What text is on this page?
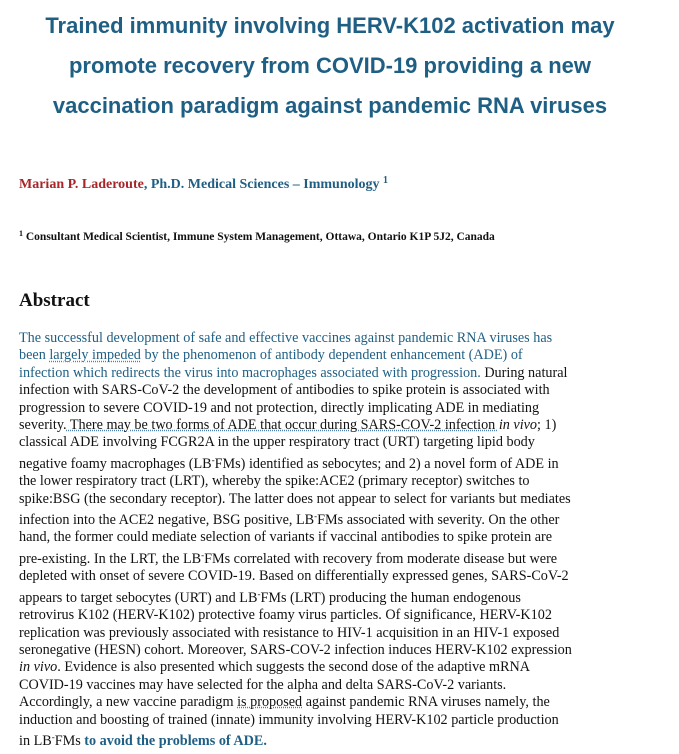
Trained immunity involving HERV-K102 activation may
promote recovery from COVID-19 providing a new
vaccination paradigm against pandemic RNA viruses
Marian P. Laderoute, Ph.D. Medical Sciences – Immunology $^1$
$^1$ Consultant Medical Scientist, Immune System Management, Ottawa, Ontario K1P 5J2, Canada
Abstract
The successful development of safe and effective vaccines against pandemic RNA viruses has
been largely impeded by the phenomenon of antibody dependent enhancement (ADE) of
infection which redirects the virus into macrophages associated with progression. During natural
infection with SARS-CoV-2 the development of antibodies to spike protein is associated with
progression to severe COVID-19 and not protection, directly implicating ADE in mediating
severity. There may be two forms of ADE that occur during SARS-COV-2 infection in vivo; 1)
classical ADE involving FCGR2A in the upper respiratory tract (URT) targeting lipid body
negative foamy macrophages (LB-FMs) identified as sebocytes; and 2) a novel form of ADE in
the lower respiratory tract (LRT), whereby the spike:ACE2 (primary receptor) switches to
spike:BSG (the secondary receptor). The latter does not appear to select for variants but mediates
infection into the ACE2 negative, BSG positive, LB-FMs associated with severity. On the other
hand, the former could mediate selection of variants if vaccinal antibodies to spike protein are
pre-existing. In the LRT, the LB-FMs correlated with recovery from moderate disease but were
depleted with onset of severe COVID-19. Based on differentially expressed genes, SARS-CoV-2
appears to target sebocytes (URT) and LB-FMs (LRT) producing the human endogenous
retrovirus K102 (HERV-K102) protective foamy virus particles. Of significance, HERV-K102
replication was previously associated with resistance to HIV-1 acquisition in an HIV-1 exposed
seronegative (HESN) cohort. Moreover, SARS-COV-2 infection induces HERV-K102 expression
in vivo. Evidence is also presented which suggests the second dose of the adaptive mRNA
COVID-19 vaccines may have selected for the alpha and delta SARS-CoV-2 variants.
Accordingly, a new vaccine paradigm is proposed against pandemic RNA viruses namely, the
induction and boosting of trained (innate) immunity involving HERV-K102 particle production
in LB-FMs to avoid the problems of ADE.
